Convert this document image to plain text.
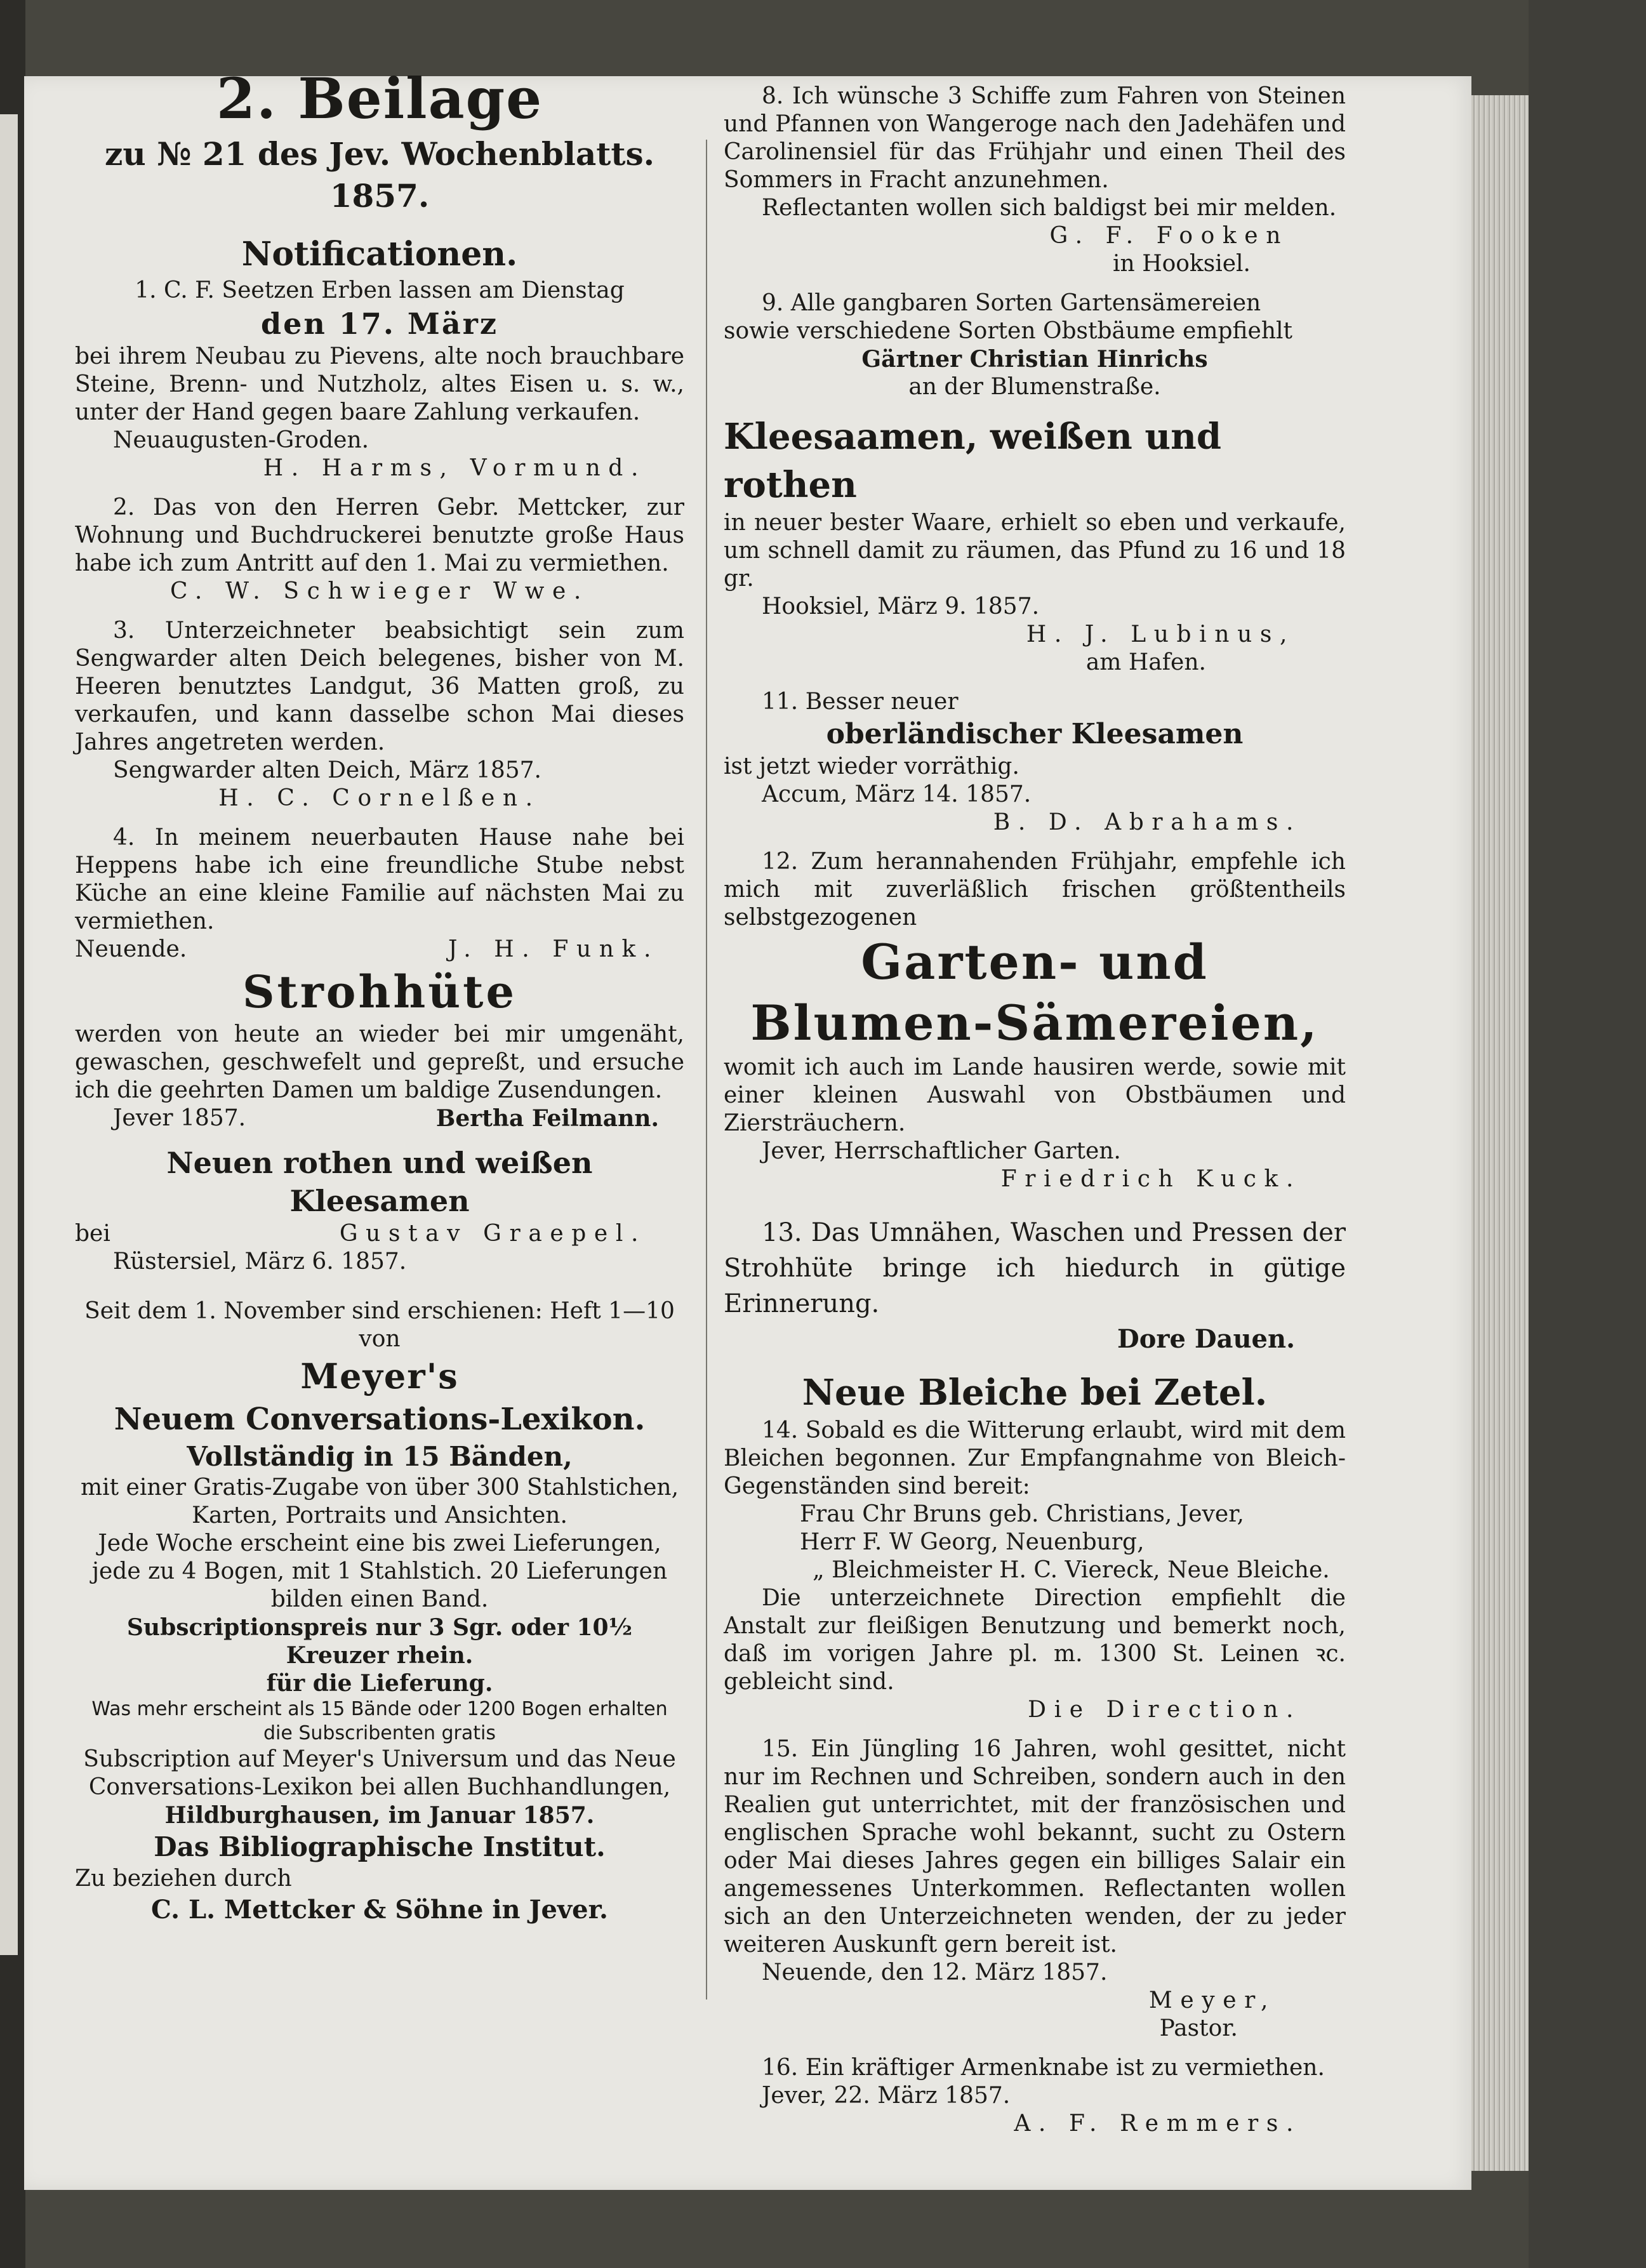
2. Beilage

zu № 21 des Jev. Wochenblatts. 1857.

Notificationen.

1. C. F. Seetzen Erben lassen am Dienstag

den 17. März

bei ihrem Neubau zu Pievens, alte noch brauchbare Steine, Brenn- und Nutzholz, altes Eisen u. s. w., unter der Hand gegen baare Zahlung verkaufen.

Neuaugusten-Groden.

H. Harms, Vormund.

2. Das von den Herren Gebr. Mettcker, zur Wohnung und Buchdruckerei benutzte große Haus habe ich zum Antritt auf den 1. Mai zu vermiethen.

C. W. Schwieger Wwe.

3. Unterzeichneter beabsichtigt sein zum Sengwarder alten Deich belegenes, bisher von M. Heeren benutztes Landgut, 36 Matten groß, zu verkaufen, und kann dasselbe schon Mai dieses Jahres angetreten werden.

Sengwarder alten Deich, März 1857.

H. C. Cornelßen.

4. In meinem neuerbauten Hause nahe bei Heppens habe ich eine freundliche Stube nebst Küche an eine kleine Familie auf nächsten Mai zu vermiethen.

Neuende.	J. H. Funk.

Strohhüte

werden von heute an wieder bei mir umgenäht, gewaschen, geschwefelt und gepreßt, und ersuche ich die geehrten Damen um baldige Zusendungen.

Jever 1857.	Bertha Feilmann.

Neuen rothen und weißen Kleesamen

bei	Gustav Graepel.

Rüstersiel, März 6. 1857.

Seit dem 1. November sind erschienen: Heft 1—10 von

Meyer's

Neuem Conversations-Lexikon.

Vollständig in 15 Bänden,

mit einer Gratis-Zugabe von über 300 Stahlstichen,

Karten, Portraits und Ansichten.

Jede Woche erscheint eine bis zwei Lieferungen, jede zu 4 Bogen, mit 1 Stahlstich. 20 Lieferungen bilden einen Band.

Subscriptionspreis nur 3 Sgr. oder 10½ Kreuzer rhein.

für die Lieferung.

Was mehr erscheint als 15 Bände oder 1200 Bogen erhalten

die Subscribenten gratis

Subscription auf Meyer's Universum und das Neue Conversations-Lexikon bei allen Buchhandlungen,

Hildburghausen, im Januar 1857.

Das Bibliographische Institut.

Zu beziehen durch

C. L. Mettcker & Söhne in Jever.

8. Ich wünsche 3 Schiffe zum Fahren von Steinen und Pfannen von Wangeroge nach den Jadehäfen und Carolinensiel für das Frühjahr und einen Theil des Sommers in Fracht anzunehmen.

Reflectanten wollen sich baldigst bei mir melden.

G. F. Fooken

in Hooksiel.

9. Alle gangbaren Sorten Gartensämereien

sowie verschiedene Sorten Obstbäume empfiehlt

Gärtner Christian Hinrichs

an der Blumenstraße.

Kleesaamen, weißen und rothen

in neuer bester Waare, erhielt so eben und verkaufe, um schnell damit zu räumen, das Pfund zu 16 und 18 gr.

Hooksiel, März 9. 1857.

H. J. Lubinus,

am Hafen.

11. Besser neuer

oberländischer Kleesamen

ist jetzt wieder vorräthig.

Accum, März 14. 1857.

B. D. Abrahams.

12. Zum herannahenden Frühjahr, empfehle ich mich mit zuverläßlich frischen größtentheils selbstgezogenen

Garten- und

Blumen-Sämereien,

womit ich auch im Lande hausiren werde, sowie mit einer kleinen Auswahl von Obstbäumen und Ziersträuchern.

Jever, Herrschaftlicher Garten.

Friedrich Kuck.

13. Das Umnähen, Waschen und Pressen der Strohhüte bringe ich hiedurch in gütige Erinnerung.

Dore Dauen.

Neue Bleiche bei Zetel.

14. Sobald es die Witterung erlaubt, wird mit dem Bleichen begonnen. Zur Empfangnahme von Bleich-Gegenständen sind bereit:

Frau Chr Bruns geb. Christians, Jever,

Herr F. W Georg, Neuenburg,

„ Bleichmeister H. C. Viereck, Neue Bleiche.

Die unterzeichnete Direction empfiehlt die Anstalt zur fleißigen Benutzung und bemerkt noch, daß im vorigen Jahre pl. m. 1300 St. Leinen ꝛc. gebleicht sind.

Die Direction.

15. Ein Jüngling 16 Jahren, wohl gesittet, nicht nur im Rechnen und Schreiben, sondern auch in den Realien gut unterrichtet, mit der französischen und englischen Sprache wohl bekannt, sucht zu Ostern oder Mai dieses Jahres gegen ein billiges Salair ein angemessenes Unterkommen. Reflectanten wollen sich an den Unterzeichneten wenden, der zu jeder weiteren Auskunft gern bereit ist.

Neuende, den 12. März 1857.

Meyer,

Pastor.

16. Ein kräftiger Armenknabe ist zu vermiethen.

Jever, 22. März 1857.

A. F. Remmers.
